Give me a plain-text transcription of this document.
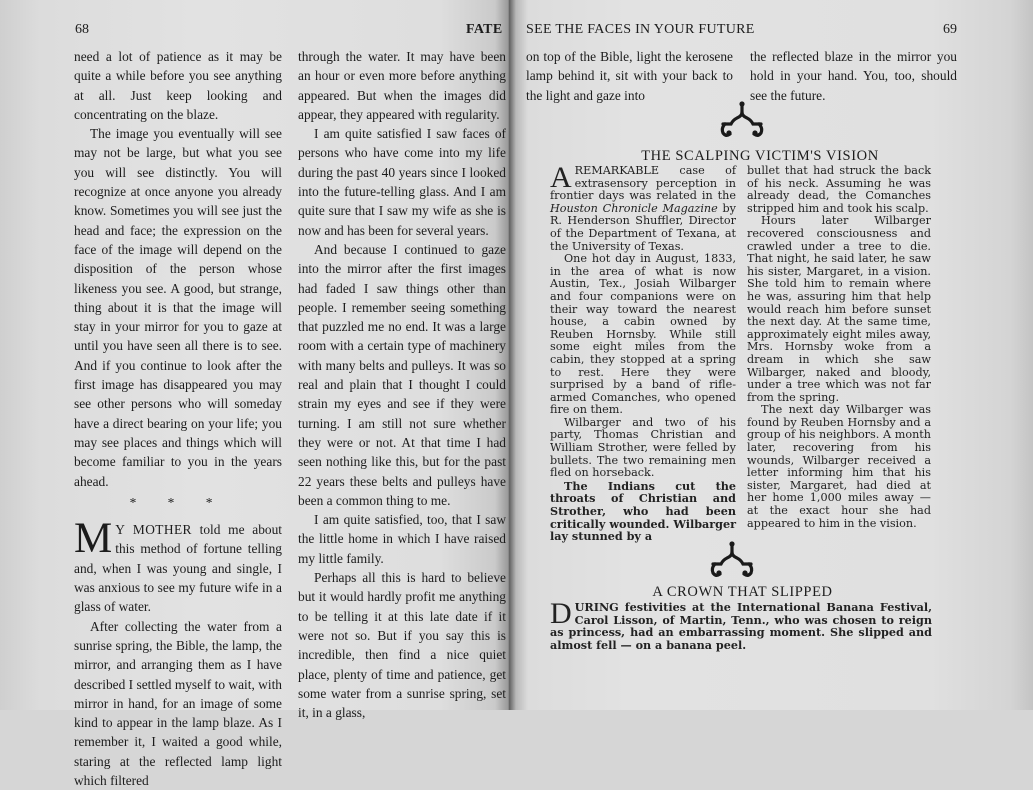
68	FATE

need a lot of patience as it may be quite a while before you see anything at all. Just keep looking and concentrating on the blaze.

The image you eventually will see may not be large, but what you see you will see distinctly. You will recognize at once anyone you already know. Sometimes you will see just the head and face; the expression on the face of the image will depend on the disposition of the person whose likeness you see. A good, but strange, thing about it is that the image will stay in your mirror for you to gaze at until you have seen all there is to see. And if you continue to look after the first image has disappeared you may see other persons who will someday have a direct bearing on your life; you may see places and things which will become familiar to you in the years ahead.

* * *

M Y MOTHER told me about this method of fortune telling and, when I was young and single, I was anxious to see my future wife in a glass of water.

After collecting the water from a sunrise spring, the Bible, the lamp, the mirror, and arranging them as I have described I settled myself to wait, with mirror in hand, for an image of some kind to appear in the lamp blaze. As I remember it, I waited a good while, staring at the reflected lamp light which filtered

through the water. It may have been an hour or even more before anything appeared. But when the images did appear, they appeared with regularity.

I am quite satisfied I saw faces of persons who have come into my life during the past 40 years since I looked into the future-telling glass. And I am quite sure that I saw my wife as she is now and has been for several years.

And because I continued to gaze into the mirror after the first images had faded I saw things other than people. I remember seeing something that puzzled me no end. It was a large room with a certain type of machinery with many belts and pulleys. It was so real and plain that I thought I could strain my eyes and see if they were turning. I am still not sure whether they were or not. At that time I had seen nothing like this, but for the past 22 years these belts and pulleys have been a common thing to me.

I am quite satisfied, too, that I saw the little home in which I have raised my little family.

Perhaps all this is hard to believe but it would hardly profit me anything to be telling it at this late date if it were not so. But if you say this is incredible, then find a nice quiet place, plenty of time and patience, get some water from a sunrise spring, set it, in a glass,

SEE THE FACES IN YOUR FUTURE	69

on top of the Bible, light the kerosene lamp behind it, sit with your back to the light and gaze into

the reflected blaze in the mirror you hold in your hand. You, too, should see the future.

THE SCALPING VICTIM'S VISION

AREMARKABLE case of extrasensory perception in frontier days was related in the Houston Chronicle Magazine by R. Henderson Shuffler, Director of the Department of Texana, at the University of Texas.

One hot day in August, 1833, in the area of what is now Austin, Tex., Josiah Wilbarger and four companions were on their way toward the nearest house, a cabin owned by Reuben Hornsby. While still some eight miles from the cabin, they stopped at a spring to rest. Here they were surprised by a band of rifle-armed Comanches, who opened fire on them.

Wilbarger and two of his party, Thomas Christian and William Strother, were felled by bullets. The two remaining men fled on horseback.

The Indians cut the throats of Christian and Strother, who had been critically wounded. Wilbarger lay stunned by a

bullet that had struck the back of his neck. Assuming he was already dead, the Comanches stripped him and took his scalp.

Hours later Wilbarger recovered consciousness and crawled under a tree to die. That night, he said later, he saw his sister, Margaret, in a vision. She told him to remain where he was, assuring him that help would reach him before sunset the next day. At the same time, approximately eight miles away, Mrs. Hornsby woke from a dream in which she saw Wilbarger, naked and bloody, under a tree which was not far from the spring.

The next day Wilbarger was found by Reuben Hornsby and a group of his neighbors. A month later, recovering from his wounds, Wilbarger received a letter informing him that his sister, Margaret, had died at her home 1,000 miles away — at the exact hour she had appeared to him in the vision.

A CROWN THAT SLIPPED

DURING festivities at the International Banana Festival, Carol Lisson, of Martin, Tenn., who was chosen to reign as princess, had an embarrassing moment. She slipped and almost fell — on a banana peel.
